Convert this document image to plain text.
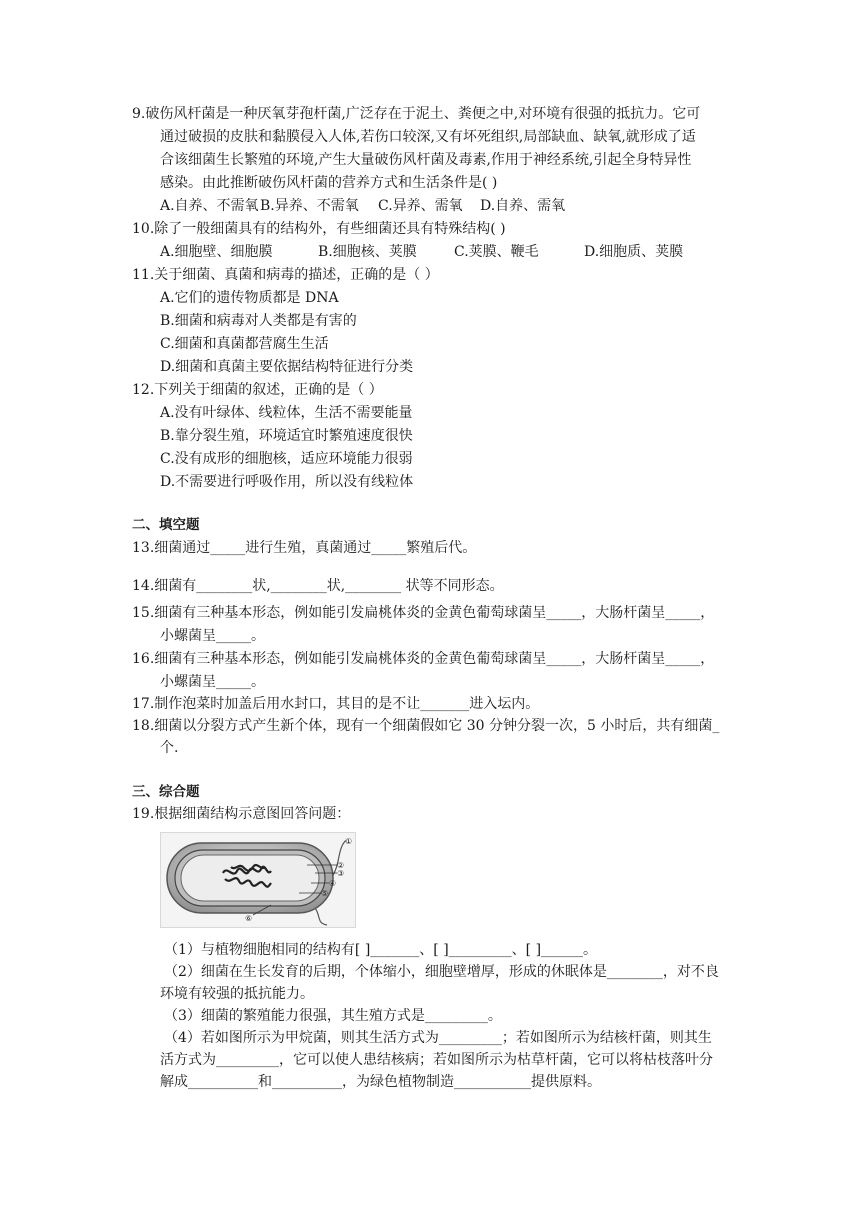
9.破伤风杆菌是一种厌氧芽孢杆菌,广泛存在于泥土、粪便之中,对环境有很强的抵抗力。它可
通过破损的皮肤和黏膜侵入人体,若伤口较深,又有坏死组织,局部缺血、缺氧,就形成了适
合该细菌生长繁殖的环境,产生大量破伤风杆菌及毒素,作用于神经系统,引起全身特异性
感染。由此推断破伤风杆菌的营养方式和生活条件是( )
A.自养、不需氧B.异养、不需氧 C.异养、需氧 D.自养、需氧
10.除了一般细菌具有的结构外，有些细菌还具有特殊结构( )
A.细胞壁、细胞膜	B.细胞核、荚膜	C.荚膜、鞭毛	D.细胞质、荚膜
11.关于细菌、真菌和病毒的描述，正确的是（ ）
A.它们的遗传物质都是 DNA
B.细菌和病毒对人类都是有害的
C.细菌和真菌都营腐生生活
D.细菌和真菌主要依据结构特征进行分类
12.下列关于细菌的叙述，正确的是（ ）
A.没有叶绿体、线粒体，生活不需要能量
B.靠分裂生殖，环境适宜时繁殖速度很快
C.没有成形的细胞核，适应环境能力很弱
D.不需要进行呼吸作用，所以没有线粒体
二、填空题
13.细菌通过_____进行生殖，真菌通过_____繁殖后代。
14.细菌有________状,________状,________ 状等不同形态。
15.细菌有三种基本形态，例如能引发扁桃体炎的金黄色葡萄球菌呈_____，大肠杆菌呈_____，
小螺菌呈_____。
16.细菌有三种基本形态，例如能引发扁桃体炎的金黄色葡萄球菌呈_____，大肠杆菌呈_____，
小螺菌呈_____。
17.制作泡菜时加盖后用水封口，其目的是不让_______进入坛内。
18.细菌以分裂方式产生新个体，现有一个细菌假如它 30 分钟分裂一次，5 小时后，共有细菌_
个.
三、综合题
19.根据细菌结构示意图回答问题：
①
②
③
④
⑤
⑥
（1）与植物细胞相同的结构有[ ]_______、[ ]_________、[ ]______。
（2）细菌在生长发育的后期，个体缩小，细胞壁增厚，形成的休眠体是________，对不良
环境有较强的抵抗能力。
（3）细菌的繁殖能力很强，其生殖方式是_________。
（4）若如图所示为甲烷菌，则其生活方式为_________；若如图所示为结核杆菌，则其生
活方式为_________，它可以使人患结核病；若如图所示为枯草杆菌，它可以将枯枝落叶分
解成__________和__________，为绿色植物制造___________提供原料。
